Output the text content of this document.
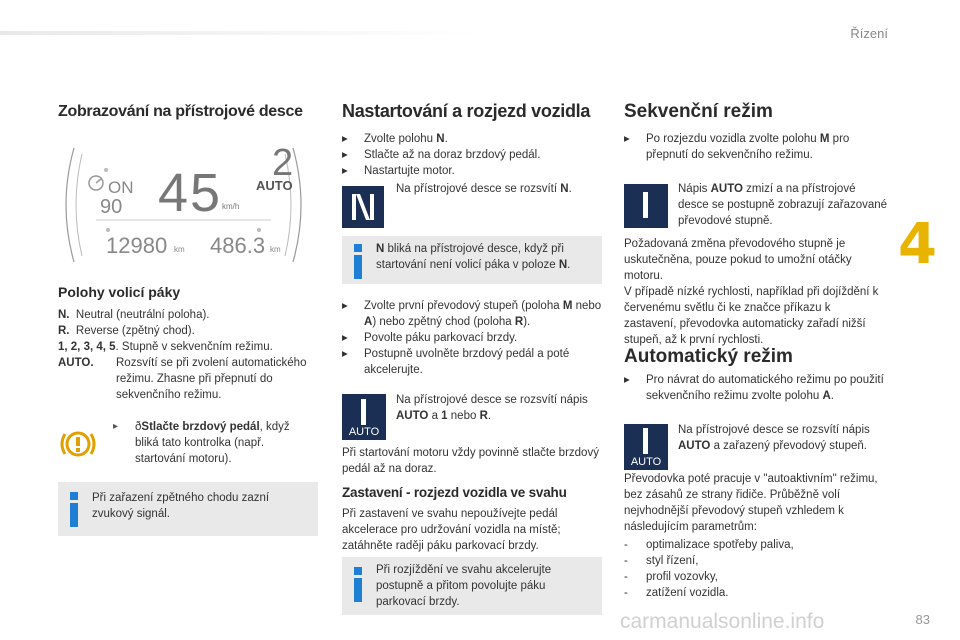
Řízení
4
Zobrazování na přístrojové desce
ON
90 45 km/h
2
AUTO
12980 km 486.3 km
Polohy volicí páky
N. Neutral (neutrální poloha).
R. Reverse (zpětný chod).
1, 2, 3, 4, 5. Stupně v sekvenčním režimu.
AUTO.	Rozsvítí se při zvolení automatického režimu. Zhasne při přepnutí do sekvenčního režimu.
ð ▸ Stlačte brzdový pedál, když bliká tato kontrolka (např. startování motoru).
Při zařazení zpětného chodu zazní zvukový signál.
Nastartování a rozjezd vozidla
▸ Zvolte polohu N.
▸ Stlačte až na doraz brzdový pedál.
▸ Nastartujte motor.
Na přístrojové desce se rozsvítí N.
N bliká na přístrojové desce, když při startování není volicí páka v poloze N.
▸ Zvolte první převodový stupeň (poloha M nebo A) nebo zpětný chod (poloha R).
▸ Povolte páku parkovací brzdy.
▸ Postupně uvolněte brzdový pedál a poté akcelerujte.
AUTO
Na přístrojové desce se rozsvítí nápis AUTO a 1 nebo R.
Při startování motoru vždy povinně stlačte brzdový pedál až na doraz.
Zastavení - rozjezd vozidla ve svahu
Při zastavení ve svahu nepoužívejte pedál akcelerace pro udržování vozidla na místě; zatáhněte raději páku parkovací brzdy.
Při rozjíždění ve svahu akcelerujte postupně a přitom povolujte páku parkovací brzdy.
Sekvenční režim
▸ Po rozjezdu vozidla zvolte polohu M pro přepnutí do sekvenčního režimu.
Nápis AUTO zmizí a na přístrojové desce se postupně zobrazují zařazované převodové stupně.
Požadovaná změna převodového stupně je uskutečněna, pouze pokud to umožní otáčky motoru.
V případě nízké rychlosti, například při dojíždění k červenému světlu či ke značce příkazu k zastavení, převodovka automaticky zařadí nižší stupeň, až k první rychlosti.
Automatický režim
▸ Pro návrat do automatického režimu po použití sekvenčního režimu zvolte polohu A.
AUTO
Na přístrojové desce se rozsvítí nápis AUTO a zařazený převodový stupeň.
Převodovka poté pracuje v "autoaktivním" režimu, bez zásahů ze strany řidiče. Průběžně volí nejvhodnější převodový stupeň vzhledem k následujícím parametrům:
- optimalizace spotřeby paliva,
- styl řízení,
- profil vozovky,
- zatížení vozidla.
carmanualsonline.info	83
